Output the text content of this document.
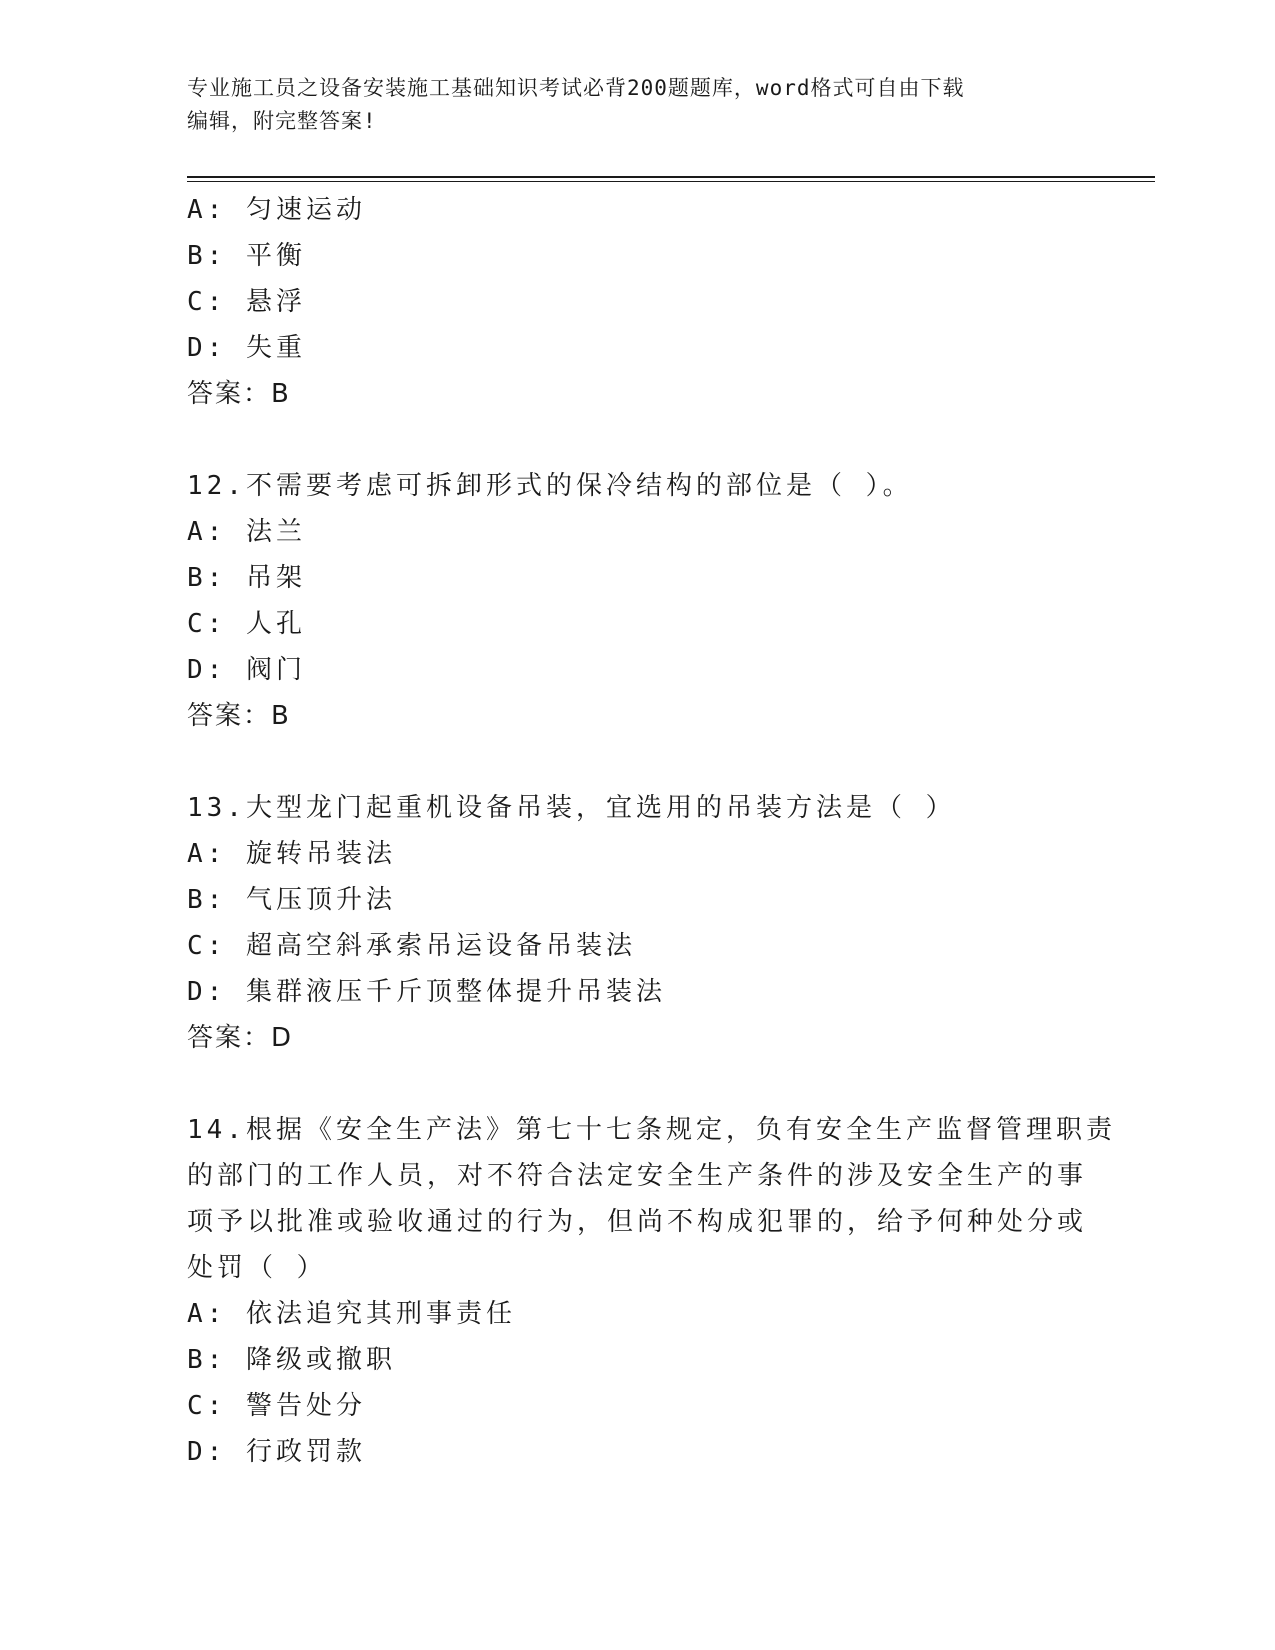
专业施工员之设备安装施工基础知识考试必背200题题库，word格式可自由下载
编辑，附完整答案!
A: 匀速运动
B: 平衡
C: 悬浮
D: 失重
答案：B
12.不需要考虑可拆卸形式的保冷结构的部位是（ ）。
A: 法兰
B: 吊架
C: 人孔
D: 阀门
答案：B
13.大型龙门起重机设备吊装，宜选用的吊装方法是（ ）
A: 旋转吊装法
B: 气压顶升法
C: 超高空斜承索吊运设备吊装法
D: 集群液压千斤顶整体提升吊装法
答案：D
14.根据《安全生产法》第七十七条规定，负有安全生产监督管理职责
的部门的工作人员，对不符合法定安全生产条件的涉及安全生产的事
项予以批准或验收通过的行为，但尚不构成犯罪的，给予何种处分或
处罚（ ）
A: 依法追究其刑事责任
B: 降级或撤职
C: 警告处分
D: 行政罚款
